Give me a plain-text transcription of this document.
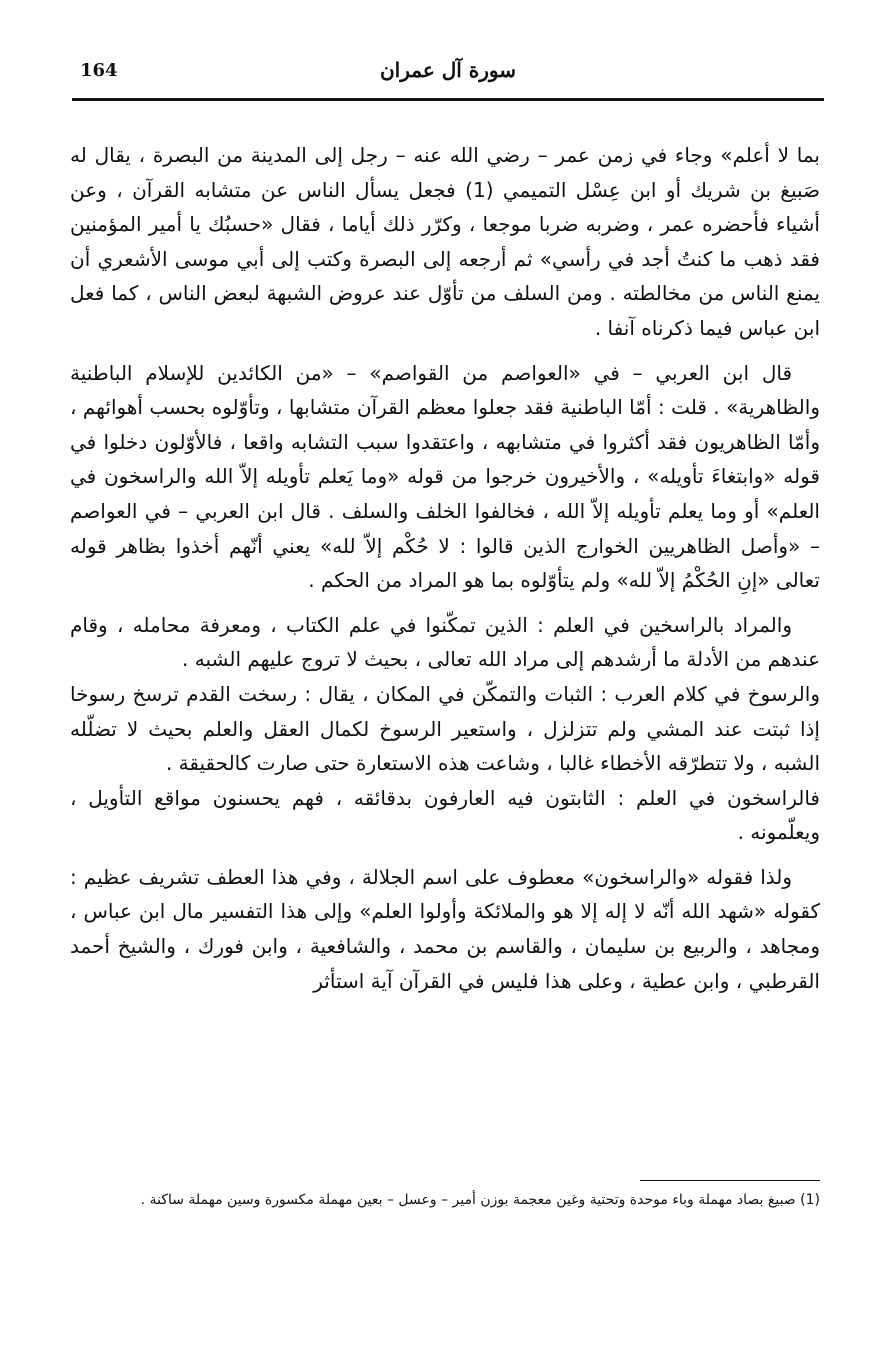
164	سورة آل عمران

بما لا أعلم» وجاء في زمن عمر – رضي الله عنه – رجل إلى المدينة من البصرة ، يقال له صَبيغ بن شريك أو ابن عِسْل التميمي (1) فجعل يسأل الناس عن متشابه القرآن ، وعن أشياء فأحضره عمر ، وضربه ضربا موجعا ، وكرّر ذلك أياما ، فقال «حسبُك يا أمير المؤمنين فقد ذهب ما كنتُ أجد في رأسي» ثم أرجعه إلى البصرة وكتب إلى أبي موسى الأشعري أن يمنع الناس من مخالطته . ومن السلف من تأوّل عند عروض الشبهة لبعض الناس ، كما فعل ابن عباس فيما ذكرناه آنفا .

قال ابن العربي – في «العواصم من القواصم» – «من الكائدين للإسلام الباطنية والظاهرية» . قلت : أمّا الباطنية فقد جعلوا معظم القرآن متشابها ، وتأوّلوه بحسب أهوائهم ، وأمّا الظاهريون فقد أكثروا في متشابهه ، واعتقدوا سبب التشابه واقعا ، فالأوّلون دخلوا في قوله «وابتغاءَ تأويله» ، والأخيرون خرجوا من قوله «وما يَعلم تأويله إلاّ الله والراسخون في العلم» أو وما يعلم تأويله إلاّ الله ، فخالفوا الخلف والسلف . قال ابن العربي – في العواصم – «وأصل الظاهريين الخوارج الذين قالوا : لا حُكْم إلاّ لله» يعني أنّهم أخذوا بظاهر قوله تعالى «إنِ الحُكْمُ إلاّ لله» ولم يتأوّلوه بما هو المراد من الحكم .

والمراد بالراسخين في العلم : الذين تمكّنوا في علم الكتاب ، ومعرفة محامله ، وقام عندهم من الأدلة ما أرشدهم إلى مراد الله تعالى ، بحيث لا تروج عليهم الشبه .

والرسوخ في كلام العرب : الثبات والتمكّن في المكان ، يقال : رسخت القدم ترسخ رسوخا إذا ثبتت عند المشي ولم تتزلزل ، واستعير الرسوخ لكمال العقل والعلم بحيث لا تضلّله الشبه ، ولا تتطرّقه الأخطاء غالبا ، وشاعت هذه الاستعارة حتى صارت كالحقيقة .

فالراسخون في العلم : الثابتون فيه العارفون بدقائقه ، فهم يحسنون مواقع التأويل ، ويعلّمونه .

ولذا فقوله «والراسخون» معطوف على اسم الجلالة ، وفي هذا العطف تشريف عظيم : كقوله «شهد الله أنّه لا إله إلا هو والملائكة وأولوا العلم» وإلى هذا التفسير مال ابن عباس ، ومجاهد ، والربيع بن سليمان ، والقاسم بن محمد ، والشافعية ، وابن فورك ، والشيخ أحمد القرطبي ، وابن عطية ، وعلى هذا فليس في القرآن آية استأثر

(1) صبيغ بصاد مهملة وباء موحدة وتحتية وغين معجمة بوزن أمير – وعسل – بعين مهملة مكسورة وسين مهملة ساكنة .
